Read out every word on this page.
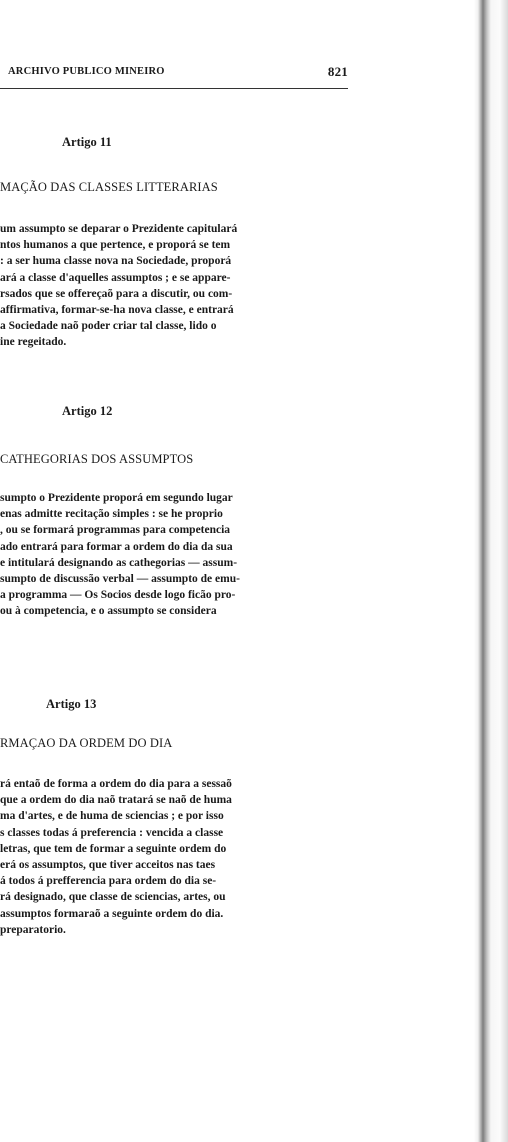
ARCHIVO PUBLICO MINEIRO	821
Artigo 11
MAÇÃO DAS CLASSES LITTERARIAS
um assumpto se deparar o Prezidente capitulará
ntos humanos a que pertence, e proporá se tem
: a ser huma classe nova na Sociedade, proporá
ará a classe d'aquelles assumptos ; e se appare-
rsados que se offereçaõ para a discutir, ou com-
affirmativa, formar-se-ha nova classe, e entrará
a Sociedade naõ poder criar tal classe, lido o
ine regeitado.
Artigo 12
CATHEGORIAS DOS ASSUMPTOS
sumpto o Prezidente proporá em segundo lugar
enas admitte recitação simples : se he proprio
, ou se formará programmas para competencia
ado entrará para formar a ordem do dia da sua
e intitulará designando as cathegorias — assum-
sumpto de discussão verbal — assumpto de emu-
a programma — Os Socios desde logo ficão pro-
ou à competencia, e o assumpto se considera
Artigo 13
RMAÇAO DA ORDEM DO DIA
rá entaõ de forma a ordem do dia para a sessaõ
que a ordem do dia naõ tratará se naõ de huma
ma d'artes, e de huma de sciencias ; e por isso
s classes todas á preferencia : vencida a classe
letras, que tem de formar a seguinte ordem do
erá os assumptos, que tiver acceitos nas taes
á todos á prefferencia para ordem do dia se-
rá designado, que classe de sciencias, artes, ou
assumptos formaraõ a seguinte ordem do dia.
preparatorio.
